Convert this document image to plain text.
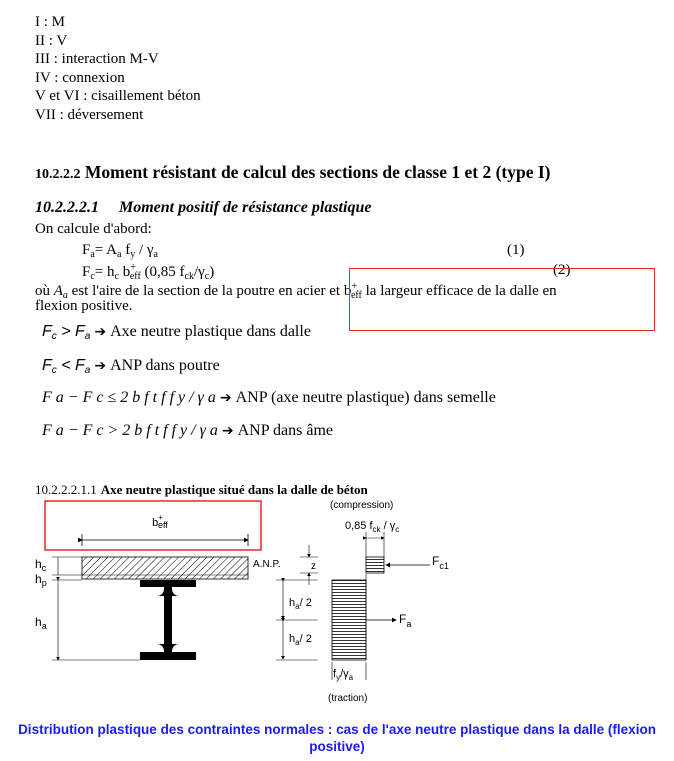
I : M
II : V
III : interaction M-V
IV : connexion
V et VI : cisaillement béton
VII : déversement
10.2.2.2 Moment résistant de calcul des sections de classe 1 et 2 (type I)
10.2.2.2.1 Moment positif de résistance plastique
On calcule d'abord:
$F_a= A_a$ $f_y / \gamma_a$	(1)
$F_c= h_c$ $b^+_{eff}$ (0,85 $f_{ck}/\gamma_c$)	(2)
où $A_a$ est l'aire de la section de la poutre en acier et $b^+_{eff}$ la largeur efficace de la dalle en
flexion positive.
$F_c > F_a$ ➔ Axe neutre plastique dans dalle
$F_c < F_a$ ➔ ANP dans poutre
F a − F c ≤ 2 b f t f f y / γ a ➔ ANP (axe neutre plastique) dans semelle
F a − F c > 2 b f t f f y / γ a ➔ ANP dans âme
10.2.2.2.1.1 Axe neutre plastique situé dans la dalle de béton
b+ eff
$h_c$
$h_p$
$h_a$
A.N.P.	z
$h_a/$ 2
$h_a/$ 2
(compression)
0,85 $f_{ck} / \gamma_c$
$F_{c1}$
$F_a$
$f_y/\gamma_a$
(traction)
Distribution plastique des contraintes normales : cas de l'axe neutre plastique dans la dalle (flexion positive)
